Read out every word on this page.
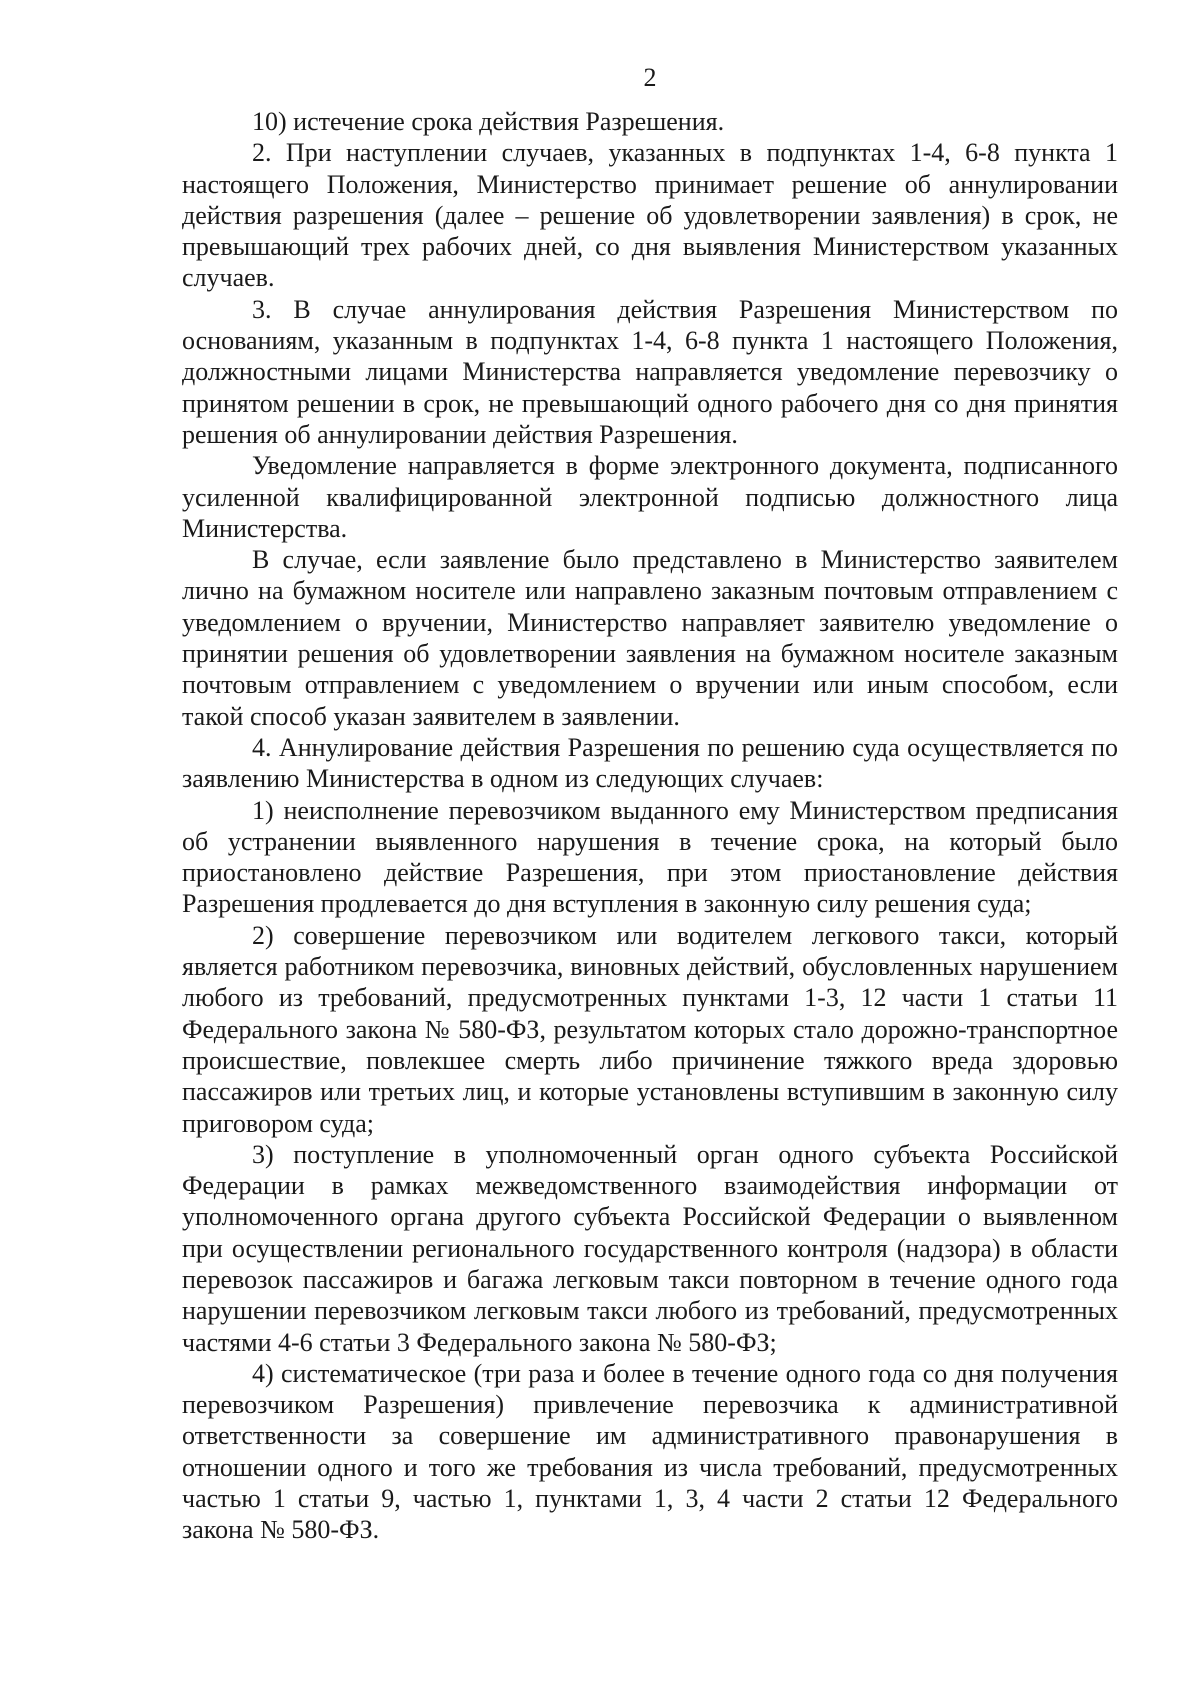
2

10) истечение срока действия Разрешения.

2. При наступлении случаев, указанных в подпунктах 1-4, 6-8 пункта 1 настоящего Положения, Министерство принимает решение об аннулировании действия разрешения (далее – решение об удовлетворении заявления) в срок, не превышающий трех рабочих дней, со дня выявления Министерством указанных случаев.

3. В случае аннулирования действия Разрешения Министерством по основаниям, указанным в подпунктах 1-4, 6-8 пункта 1 настоящего Положения, должностными лицами Министерства направляется уведомление перевозчику о принятом решении в срок, не превышающий одного рабочего дня со дня принятия решения об аннулировании действия Разрешения.

Уведомление направляется в форме электронного документа, подписанного усиленной квалифицированной электронной подписью должностного лица Министерства.

В случае, если заявление было представлено в Министерство заявителем лично на бумажном носителе или направлено заказным почтовым отправлением с уведомлением о вручении, Министерство направляет заявителю уведомление о принятии решения об удовлетворении заявления на бумажном носителе заказным почтовым отправлением с уведомлением о вручении или иным способом, если такой способ указан заявителем в заявлении.

4. Аннулирование действия Разрешения по решению суда осуществляется по заявлению Министерства в одном из следующих случаев:

1) неисполнение перевозчиком выданного ему Министерством предписания об устранении выявленного нарушения в течение срока, на который было приостановлено действие Разрешения, при этом приостановление действия Разрешения продлевается до дня вступления в законную силу решения суда;

2) совершение перевозчиком или водителем легкового такси, который является работником перевозчика, виновных действий, обусловленных нарушением любого из требований, предусмотренных пунктами 1-3, 12 части 1 статьи 11 Федерального закона № 580-ФЗ, результатом которых стало дорожно-транспортное происшествие, повлекшее смерть либо причинение тяжкого вреда здоровью пассажиров или третьих лиц, и которые установлены вступившим в законную силу приговором суда;

3) поступление в уполномоченный орган одного субъекта Российской Федерации в рамках межведомственного взаимодействия информации от уполномоченного органа другого субъекта Российской Федерации о выявленном при осуществлении регионального государственного контроля (надзора) в области перевозок пассажиров и багажа легковым такси повторном в течение одного года нарушении перевозчиком легковым такси любого из требований, предусмотренных частями 4-6 статьи 3 Федерального закона № 580-ФЗ;

4) систематическое (три раза и более в течение одного года со дня получения перевозчиком Разрешения) привлечение перевозчика к административной ответственности за совершение им административного правонарушения в отношении одного и того же требования из числа требований, предусмотренных частью 1 статьи 9, частью 1, пунктами 1, 3, 4 части 2 статьи 12 Федерального закона № 580-ФЗ.
